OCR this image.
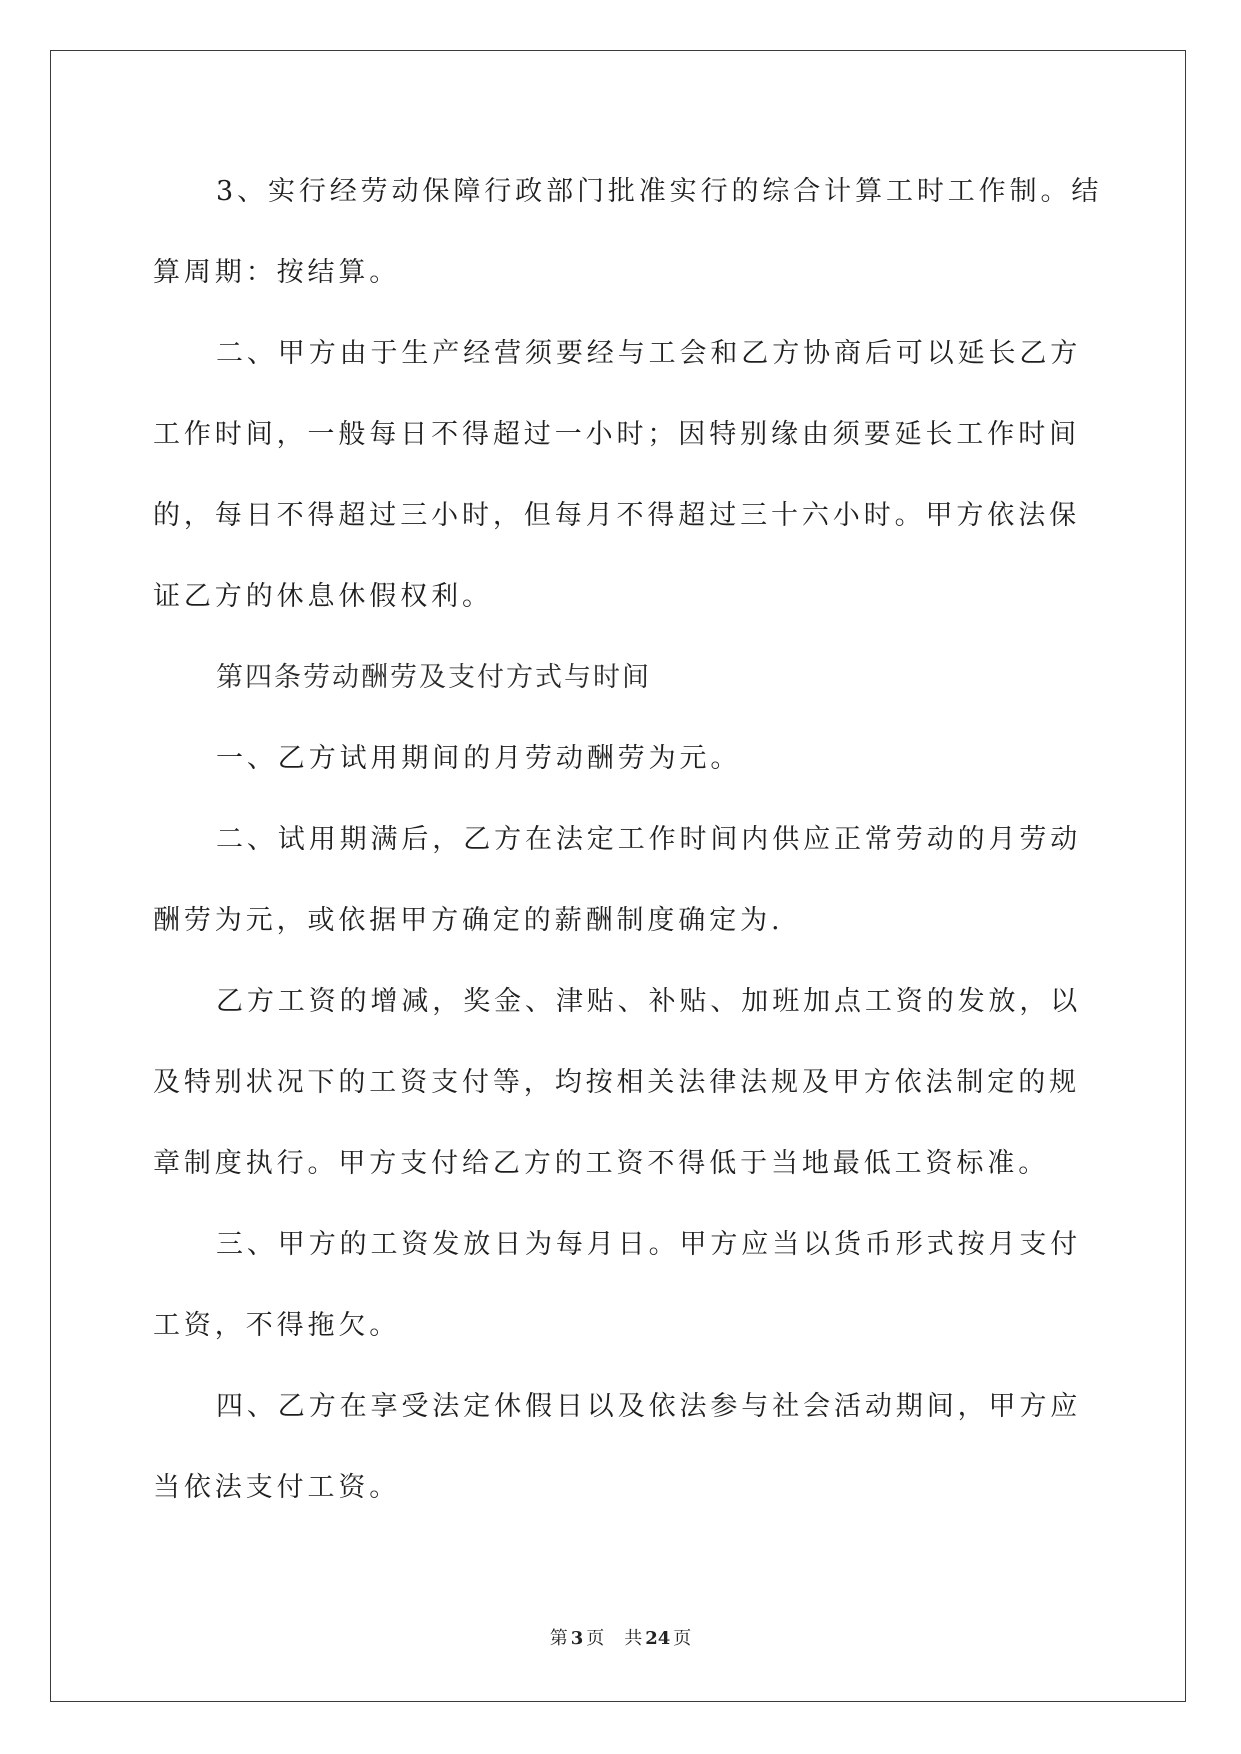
3、实行经劳动保障行政部门批准实行的综合计算工时工作制。结
算周期：按结算。
二、甲方由于生产经营须要经与工会和乙方协商后可以延长乙方
工作时间，一般每日不得超过一小时；因特别缘由须要延长工作时间
的，每日不得超过三小时，但每月不得超过三十六小时。甲方依法保
证乙方的休息休假权利。
第四条劳动酬劳及支付方式与时间
一、乙方试用期间的月劳动酬劳为元。
二、试用期满后，乙方在法定工作时间内供应正常劳动的月劳动
酬劳为元，或依据甲方确定的薪酬制度确定为.
乙方工资的增减，奖金、津贴、补贴、加班加点工资的发放，以
及特别状况下的工资支付等，均按相关法律法规及甲方依法制定的规
章制度执行。甲方支付给乙方的工资不得低于当地最低工资标准。
三、甲方的工资发放日为每月日。甲方应当以货币形式按月支付
工资，不得拖欠。
四、乙方在享受法定休假日以及依法参与社会活动期间，甲方应
当依法支付工资。
第 3 页 共 24 页
